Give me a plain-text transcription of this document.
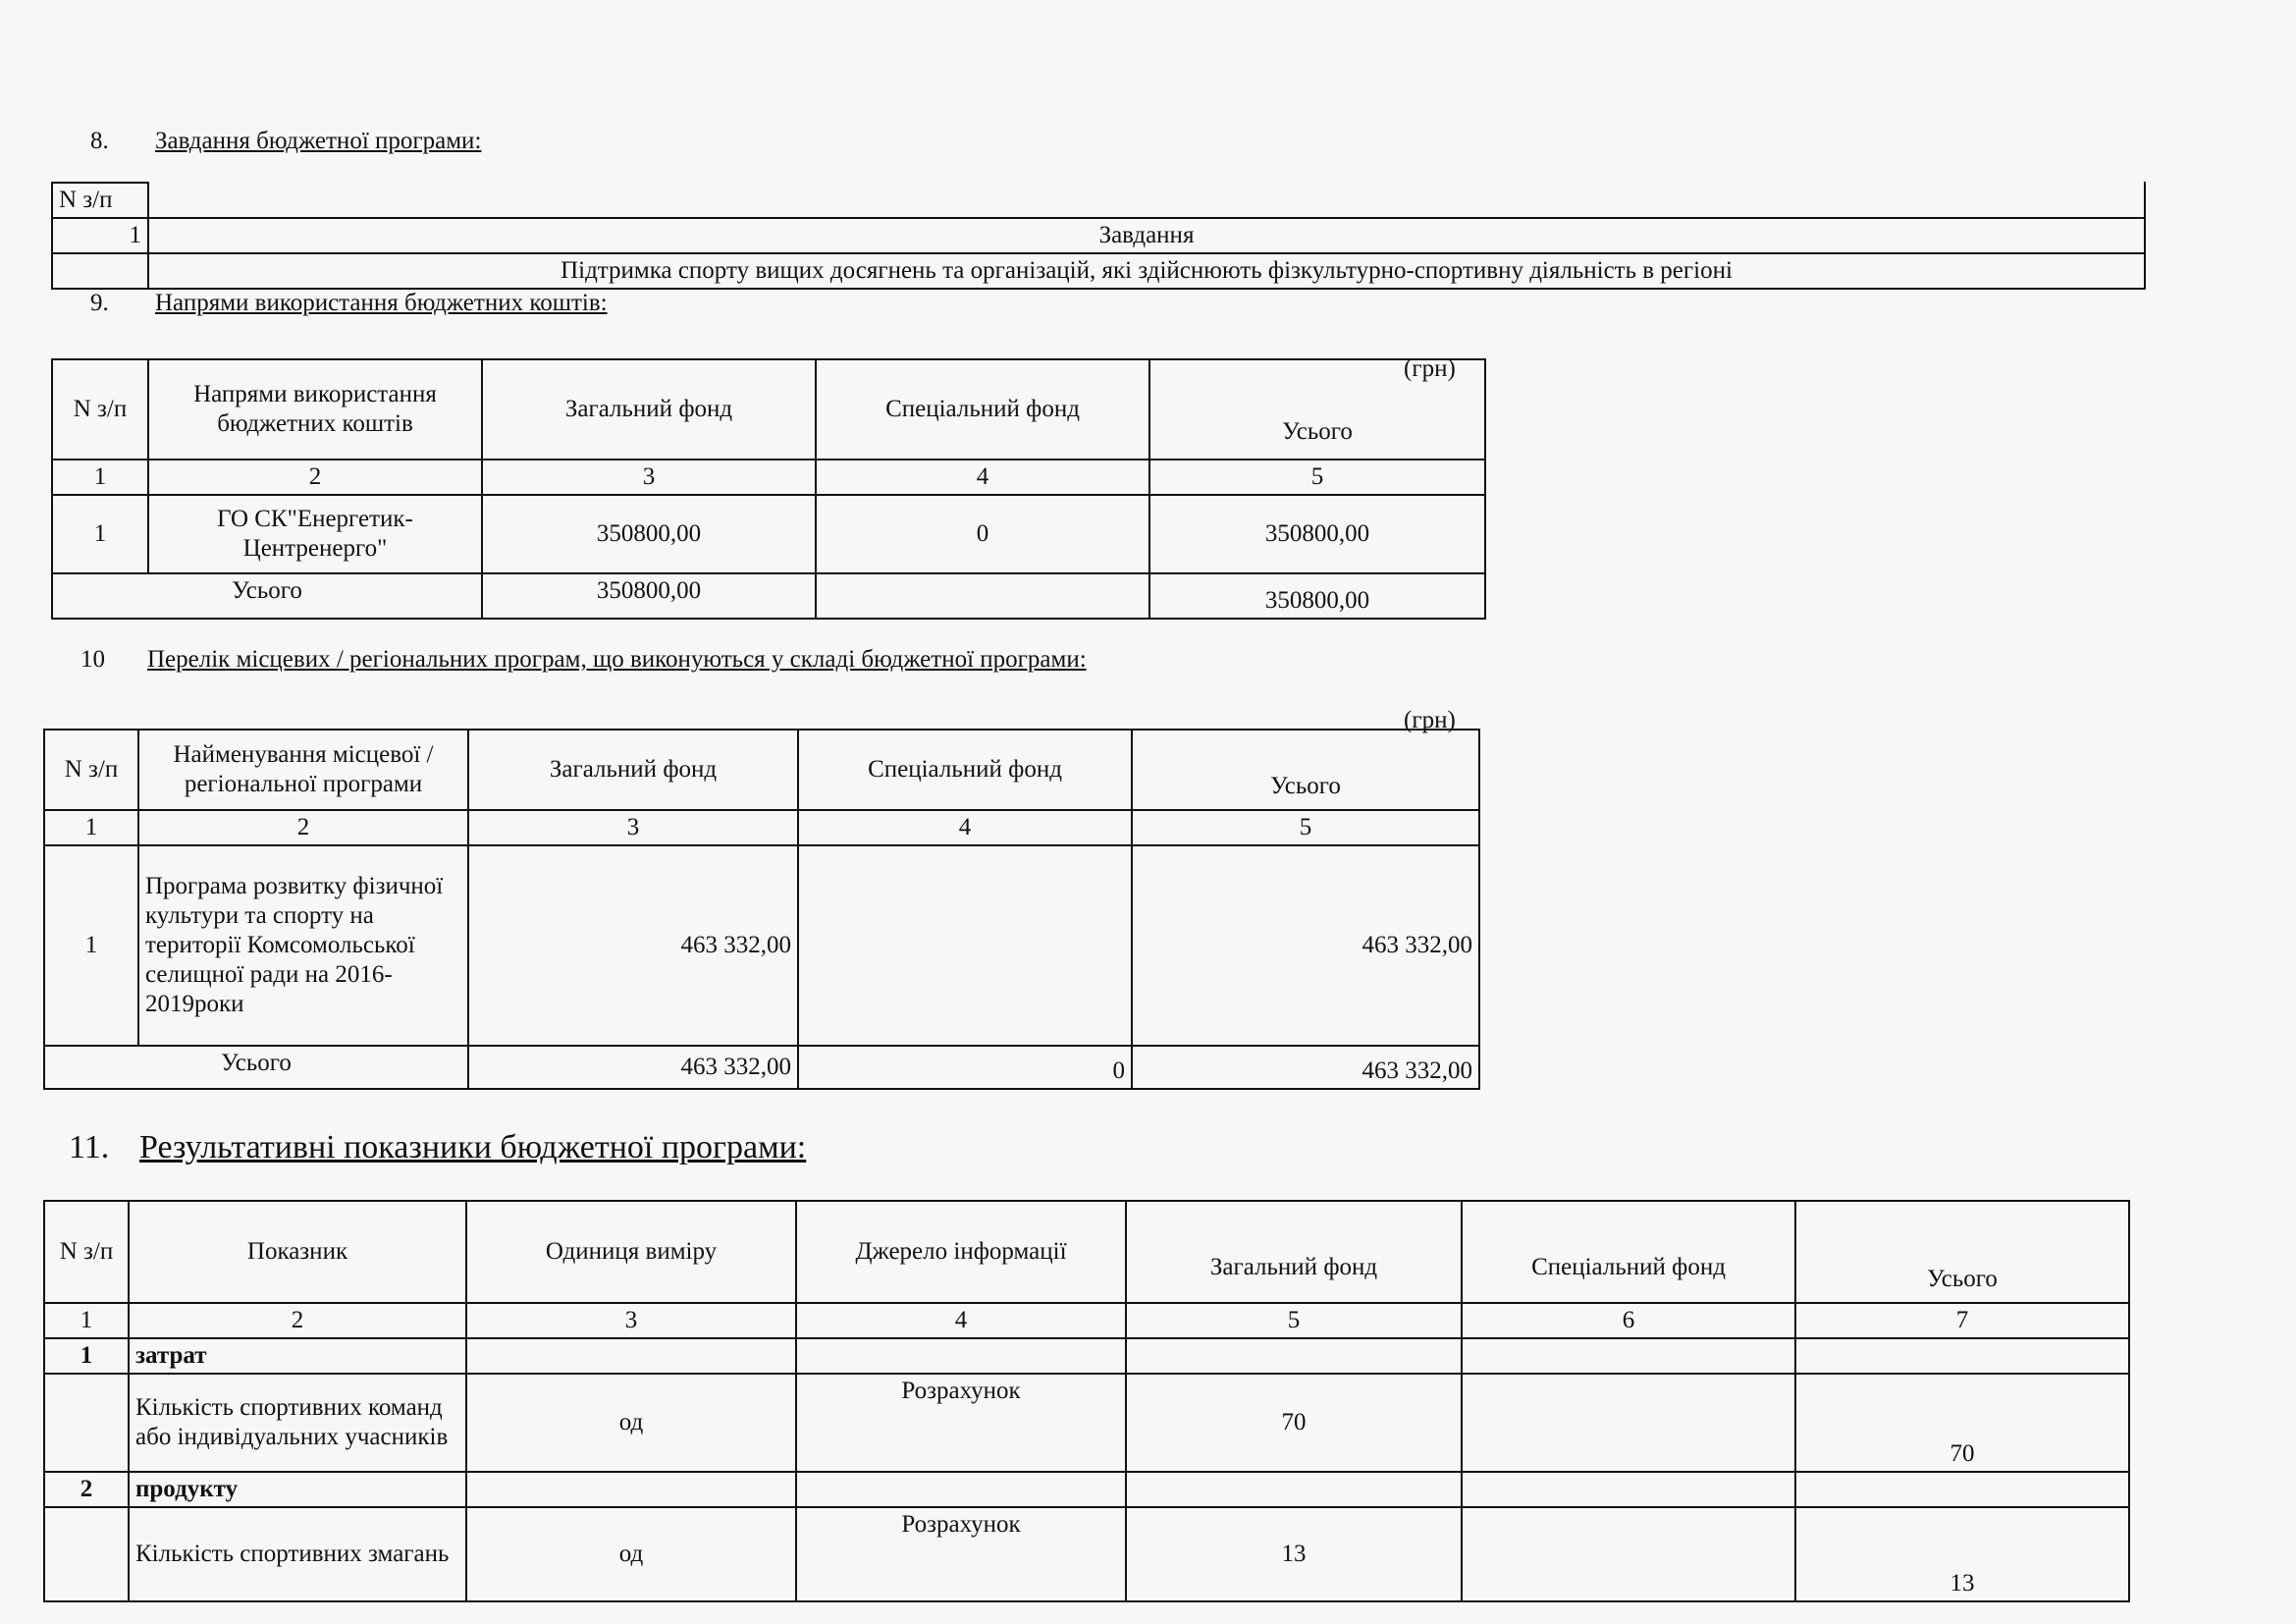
8. Завдання бюджетної програми:
N з/п	
1	Завдання
	Підтримка спорту вищих досягнень та організацій, які здійснюють фізкультурно-спортивну діяльність в регіоні
9. Напрями використання бюджетних коштів:
(грн)
N з/п	Напрями використання бюджетних коштів	Загальний фонд	Спеціальний фонд	Усього
1	2	3	4	5
1	ГО СК"Енергетик-Центренерго"	350800,00	0	350800,00
Усього		350800,00		350800,00
10 Перелік місцевих / регіональних програм, що виконуються у складі бюджетної програми:
(грн)
N з/п	Найменування місцевої / регіональної програми	Загальний фонд	Спеціальний фонд	Усього
1	2	3	4	5
1	Програма розвитку фізичної культури та спорту на території Комсомольської селищної ради на 2016-2019роки	463 332,00		463 332,00
Усього		463 332,00	0	463 332,00
11. Результативні показники бюджетної програми:
N з/п	Показник	Одиниця виміру	Джерело інформації	Загальний фонд	Спеціальний фонд	Усього
1	2	3	4	5	6	7
1	затрат					
	Кількість спортивних команд або індивідуальних учасників	од	Розрахунок	70		70
2	продукту					
	Кількість спортивних змагань	од	Розрахунок	13		13
